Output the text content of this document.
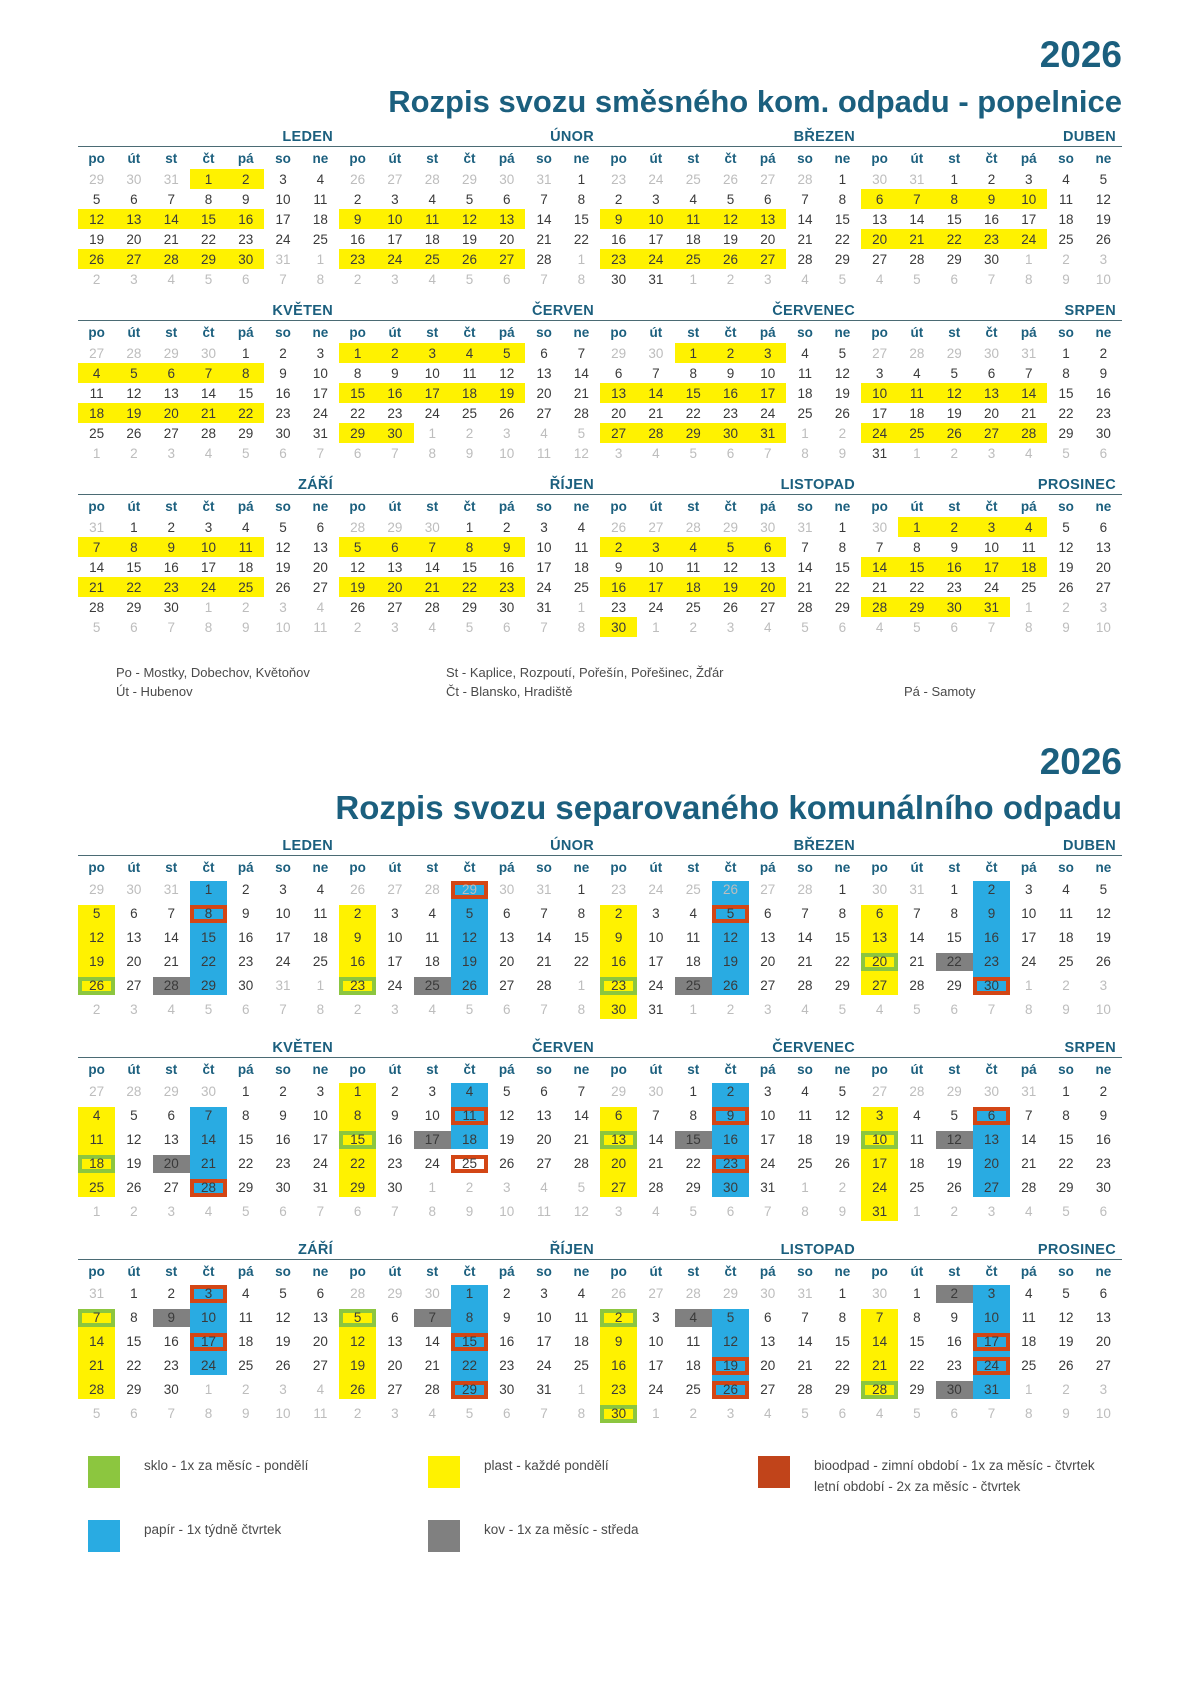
2026
Rozpis svozu směsného kom. odpadu - popelnice
LEDEN
po	út	st	čt	pá	so	ne
29	30	31	1	2	3	4
5	6	7	8	9	10	11
12	13	14	15	16	17	18
19	20	21	22	23	24	25
26	27	28	29	30	31	1
2	3	4	5	6	7	8
ÚNOR
po	út	st	čt	pá	so	ne
26	27	28	29	30	31	1
2	3	4	5	6	7	8
9	10	11	12	13	14	15
16	17	18	19	20	21	22
23	24	25	26	27	28	1
2	3	4	5	6	7	8
BŘEZEN
po	út	st	čt	pá	so	ne
23	24	25	26	27	28	1
2	3	4	5	6	7	8
9	10	11	12	13	14	15
16	17	18	19	20	21	22
23	24	25	26	27	28	29
30	31	1	2	3	4	5
DUBEN
po	út	st	čt	pá	so	ne
30	31	1	2	3	4	5
6	7	8	9	10	11	12
13	14	15	16	17	18	19
20	21	22	23	24	25	26
27	28	29	30	1	2	3
4	5	6	7	8	9	10
KVĚTEN
po	út	st	čt	pá	so	ne
27	28	29	30	1	2	3
4	5	6	7	8	9	10
11	12	13	14	15	16	17
18	19	20	21	22	23	24
25	26	27	28	29	30	31
1	2	3	4	5	6	7
ČERVEN
po	út	st	čt	pá	so	ne
1	2	3	4	5	6	7
8	9	10	11	12	13	14
15	16	17	18	19	20	21
22	23	24	25	26	27	28
29	30	1	2	3	4	5
6	7	8	9	10	11	12
ČERVENEC
po	út	st	čt	pá	so	ne
29	30	1	2	3	4	5
6	7	8	9	10	11	12
13	14	15	16	17	18	19
20	21	22	23	24	25	26
27	28	29	30	31	1	2
3	4	5	6	7	8	9
SRPEN
po	út	st	čt	pá	so	ne
27	28	29	30	31	1	2
3	4	5	6	7	8	9
10	11	12	13	14	15	16
17	18	19	20	21	22	23
24	25	26	27	28	29	30
31	1	2	3	4	5	6
ZÁŘÍ
po	út	st	čt	pá	so	ne
31	1	2	3	4	5	6
7	8	9	10	11	12	13
14	15	16	17	18	19	20
21	22	23	24	25	26	27
28	29	30	1	2	3	4
5	6	7	8	9	10	11
ŘÍJEN
po	út	st	čt	pá	so	ne
28	29	30	1	2	3	4
5	6	7	8	9	10	11
12	13	14	15	16	17	18
19	20	21	22	23	24	25
26	27	28	29	30	31	1
2	3	4	5	6	7	8
LISTOPAD
po	út	st	čt	pá	so	ne
26	27	28	29	30	31	1
2	3	4	5	6	7	8
9	10	11	12	13	14	15
16	17	18	19	20	21	22
23	24	25	26	27	28	29
30	1	2	3	4	5	6
PROSINEC
po	út	st	čt	pá	so	ne
30	1	2	3	4	5	6
7	8	9	10	11	12	13
14	15	16	17	18	19	20
21	22	23	24	25	26	27
28	29	30	31	1	2	3
4	5	6	7	8	9	10
Po - Mostky, Dobechov, Květoňov	St - Kaplice, Rozpoutí, Pořešín, Pořešinec, Žďár
Út - Hubenov	Čt - Blansko, Hradiště	Pá - Samoty
2026
Rozpis svozu separovaného komunálního odpadu
LEDEN
po	út	st	čt	pá	so	ne

29	30	31	1	2	3	4

5	6	7	8	9	10	11

12	13	14	15	16	17	18

19	20	21	22	23	24	25

26	27	28	29	30	31	1

2	3	4	5	6	7	8
ÚNOR
po	út	st	čt	pá	so	ne

26	27	28	29	30	31	1

2	3	4	5	6	7	8

9	10	11	12	13	14	15

16	17	18	19	20	21	22

23	24	25	26	27	28	1

2	3	4	5	6	7	8
BŘEZEN
po	út	st	čt	pá	so	ne

23	24	25	26	27	28	1

2	3	4	5	6	7	8

9	10	11	12	13	14	15

16	17	18	19	20	21	22

23	24	25	26	27	28	29

30	31	1	2	3	4	5
DUBEN
po	út	st	čt	pá	so	ne

30	31	1	2	3	4	5

6	7	8	9	10	11	12

13	14	15	16	17	18	19

20	21	22	23	24	25	26

27	28	29	30	1	2	3

4	5	6	7	8	9	10
KVĚTEN
po	út	st	čt	pá	so	ne

27	28	29	30	1	2	3

4	5	6	7	8	9	10

11	12	13	14	15	16	17

18	19	20	21	22	23	24

25	26	27	28	29	30	31

1	2	3	4	5	6	7
ČERVEN
po	út	st	čt	pá	so	ne

1	2	3	4	5	6	7

8	9	10	11	12	13	14

15	16	17	18	19	20	21

22	23	24	25	26	27	28

29	30	1	2	3	4	5

6	7	8	9	10	11	12
ČERVENEC
po	út	st	čt	pá	so	ne

29	30	1	2	3	4	5

6	7	8	9	10	11	12

13	14	15	16	17	18	19

20	21	22	23	24	25	26

27	28	29	30	31	1	2

3	4	5	6	7	8	9
SRPEN
po	út	st	čt	pá	so	ne

27	28	29	30	31	1	2

3	4	5	6	7	8	9

10	11	12	13	14	15	16

17	18	19	20	21	22	23

24	25	26	27	28	29	30

31	1	2	3	4	5	6
ZÁŘÍ
po	út	st	čt	pá	so	ne

31	1	2	3	4	5	6

7	8	9	10	11	12	13

14	15	16	17	18	19	20

21	22	23	24	25	26	27

28	29	30	1	2	3	4

5	6	7	8	9	10	11
ŘÍJEN
po	út	st	čt	pá	so	ne

28	29	30	1	2	3	4

5	6	7	8	9	10	11

12	13	14	15	16	17	18

19	20	21	22	23	24	25

26	27	28	29	30	31	1

2	3	4	5	6	7	8
LISTOPAD
po	út	st	čt	pá	so	ne

26	27	28	29	30	31	1

2	3	4	5	6	7	8

9	10	11	12	13	14	15

16	17	18	19	20	21	22

23	24	25	26	27	28	29

30	1	2	3	4	5	6
PROSINEC
po	út	st	čt	pá	so	ne

30	1	2	3	4	5	6

7	8	9	10	11	12	13

14	15	16	17	18	19	20

21	22	23	24	25	26	27

28	29	30	31	1	2	3

4	5	6	7	8	9	10
sklo - 1x za měsíc - pondělí	plast - každé pondělí	bioodpad - zimní období - 1x za měsíc - čtvrtek
letní období - 2x za měsíc - čtvrtek
papír - 1x týdně čtvrtek	kov - 1x za měsíc - středa
